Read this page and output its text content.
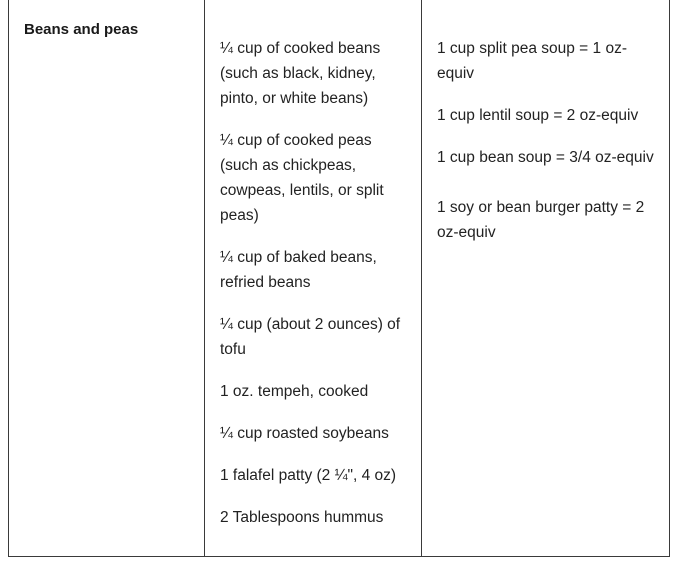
Beans and peas

¼ cup of cooked beans (such as black, kidney, pinto, or white beans)
¼ cup of cooked peas (such as chickpeas, cowpeas, lentils, or split peas)
¼ cup of baked beans, refried beans
¼ cup (about 2 ounces) of tofu
1 oz. tempeh, cooked
¼ cup roasted soybeans
1 falafel patty (2 ¼", 4 oz)
2 Tablespoons hummus

1 cup split pea soup = 1 oz-equiv
1 cup lentil soup = 2 oz-equiv
1 cup bean soup = 3/4 oz-equiv
1 soy or bean burger patty = 2 oz-equiv
